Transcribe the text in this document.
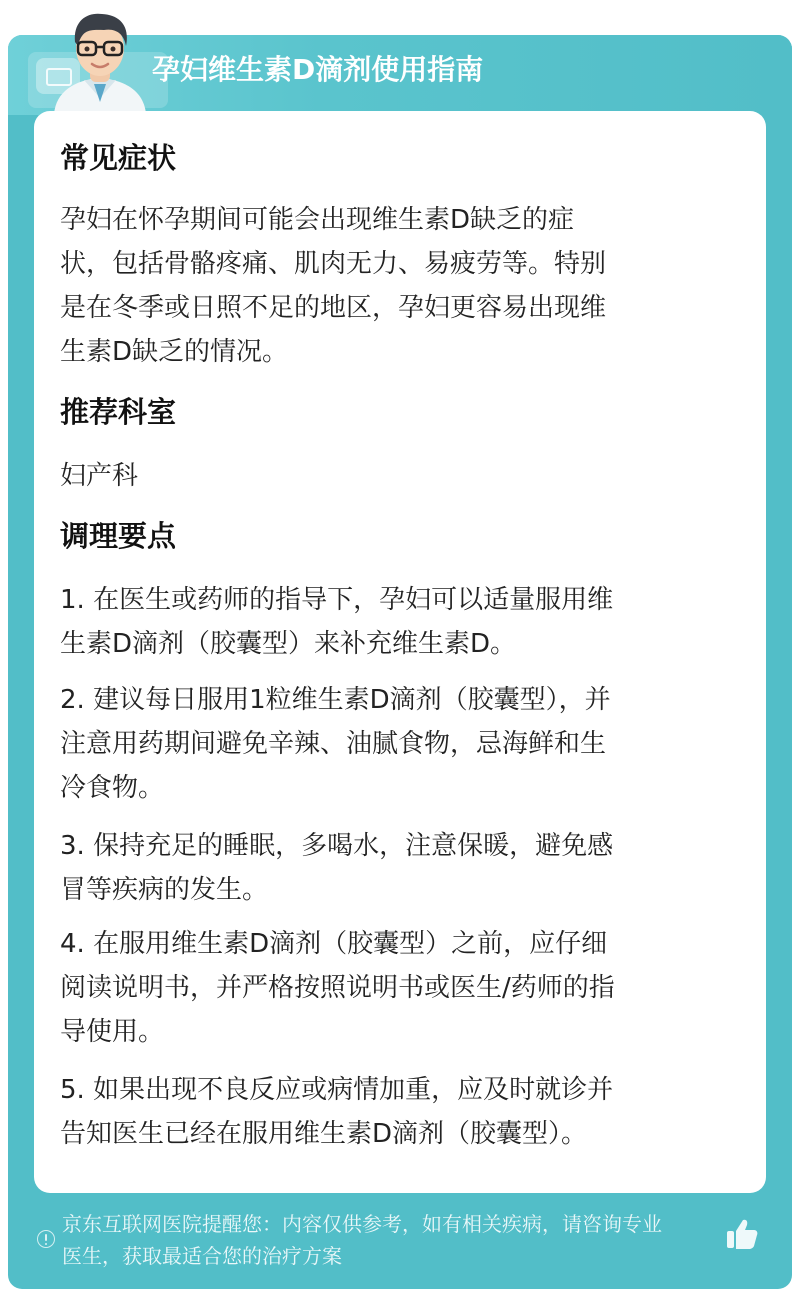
孕妇维生素D滴剂使用指南
常见症状
孕妇在怀孕期间可能会出现维生素D缺乏的症
状，包括骨骼疼痛、肌肉无力、易疲劳等。特别
是在冬季或日照不足的地区，孕妇更容易出现维
生素D缺乏的情况。
推荐科室
妇产科
调理要点
1. 在医生或药师的指导下，孕妇可以适量服用维
生素D滴剂（胶囊型）来补充维生素D。
2. 建议每日服用1粒维生素D滴剂（胶囊型），并
注意用药期间避免辛辣、油腻食物，忌海鲜和生
冷食物。
3. 保持充足的睡眠，多喝水，注意保暖，避免感
冒等疾病的发生。
4. 在服用维生素D滴剂（胶囊型）之前，应仔细
阅读说明书，并严格按照说明书或医生/药师的指
导使用。
5. 如果出现不良反应或病情加重，应及时就诊并
告知医生已经在服用维生素D滴剂（胶囊型）。
京东互联网医院提醒您：内容仅供参考，如有相关疾病，请咨询专业
医生，获取最适合您的治疗方案
